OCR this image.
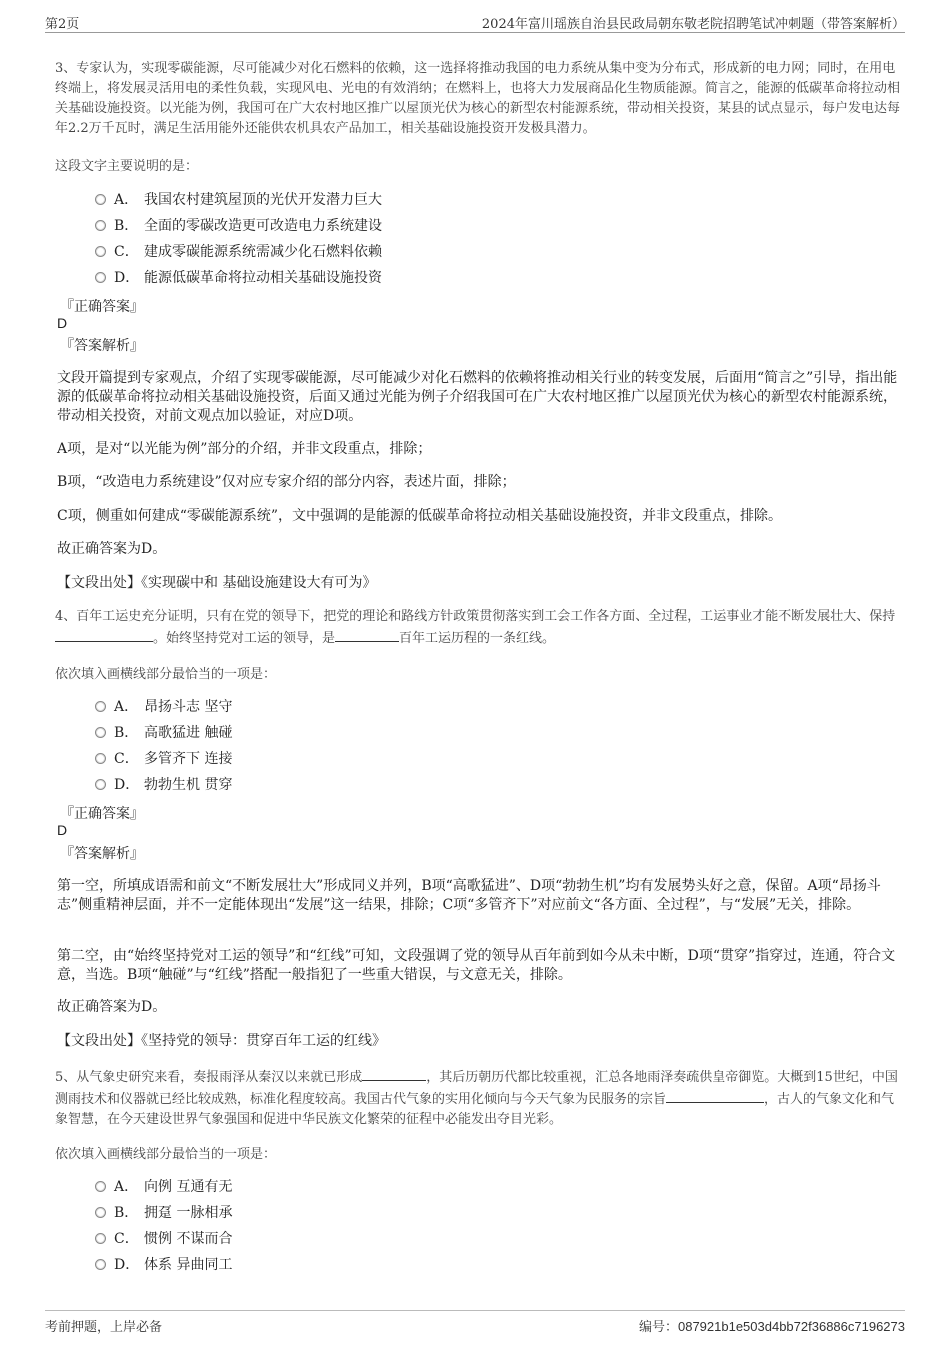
第2页	2024年富川瑶族自治县民政局朝东敬老院招聘笔试冲刺题（带答案解析）
3、专家认为，实现零碳能源，尽可能减少对化石燃料的依赖，这一选择将推动我国的电力系统从集中变为分布式，形成新的电力网；同时，在用电终端上，将发展灵活用电的柔性负载，实现风电、光电的有效消纳；在燃料上，也将大力发展商品化生物质能源。简言之，能源的低碳革命将拉动相关基础设施投资。以光能为例，我国可在广大农村地区推广以屋顶光伏为核心的新型农村能源系统，带动相关投资，某县的试点显示，每户发电达每年2.2万千瓦时，满足生活用能外还能供农机具农产品加工，相关基础设施投资开发极具潜力。
这段文字主要说明的是：
A． 我国农村建筑屋顶的光伏开发潜力巨大
B． 全面的零碳改造更可改造电力系统建设
C． 建成零碳能源系统需减少化石燃料依赖
D． 能源低碳革命将拉动相关基础设施投资
『正确答案』
D
『答案解析』
文段开篇提到专家观点，介绍了实现零碳能源，尽可能减少对化石燃料的依赖将推动相关行业的转变发展，后面用“简言之”引导，指出能源的低碳革命将拉动相关基础设施投资，后面又通过光能为例子介绍我国可在广大农村地区推广以屋顶光伏为核心的新型农村能源系统，带动相关投资，对前文观点加以验证，对应D项。
A项，是对“以光能为例”部分的介绍，并非文段重点，排除；
B项，“改造电力系统建设”仅对应专家介绍的部分内容，表述片面，排除；
C项，侧重如何建成“零碳能源系统”，文中强调的是能源的低碳革命将拉动相关基础设施投资，并非文段重点，排除。
故正确答案为D。
【文段出处】《实现碳中和 基础设施建设大有可为》
4、百年工运史充分证明，只有在党的领导下，把党的理论和路线方针政策贯彻落实到工会工作各方面、全过程，工运事业才能不断发展壮大、保持。始终坚持党对工运的领导，是	百年工运历程的一条红线。
依次填入画横线部分最恰当的一项是：
A． 昂扬斗志 坚守
B． 高歌猛进 触碰
C． 多管齐下 连接
D． 勃勃生机 贯穿
『正确答案』
D
『答案解析』
第一空，所填成语需和前文“不断发展壮大”形成同义并列，B项“高歌猛进”、D项“勃勃生机”均有发展势头好之意，保留。A项“昂扬斗志”侧重精神层面，并不一定能体现出“发展”这一结果，排除；C项“多管齐下”对应前文“各方面、全过程”，与“发展”无关，排除。
第二空，由“始终坚持党对工运的领导”和“红线”可知，文段强调了党的领导从百年前到如今从未中断，D项“贯穿”指穿过，连通，符合文意，当选。B项“触碰”与“红线”搭配一般指犯了一些重大错误，与文意无关，排除。
故正确答案为D。
【文段出处】《坚持党的领导：贯穿百年工运的红线》
5、从气象史研究来看，奏报雨泽从秦汉以来就已形成	，其后历朝历代都比较重视，汇总各地雨泽奏疏供皇帝御览。大概到15世纪，中国测雨技术和仪器就已经比较成熟，标准化程度较高。我国古代气象的实用化倾向与今天气象为民服务的宗旨	，古人的气象文化和气象智慧，在今天建设世界气象强国和促进中华民族文化繁荣的征程中必能发出夺目光彩。
依次填入画横线部分最恰当的一项是：
A． 向例 互通有无
B． 拥趸 一脉相承
C． 惯例 不谋而合
D． 体系 异曲同工
考前押题，上岸必备	编号：087921b1e503d4bb72f36886c7196273
